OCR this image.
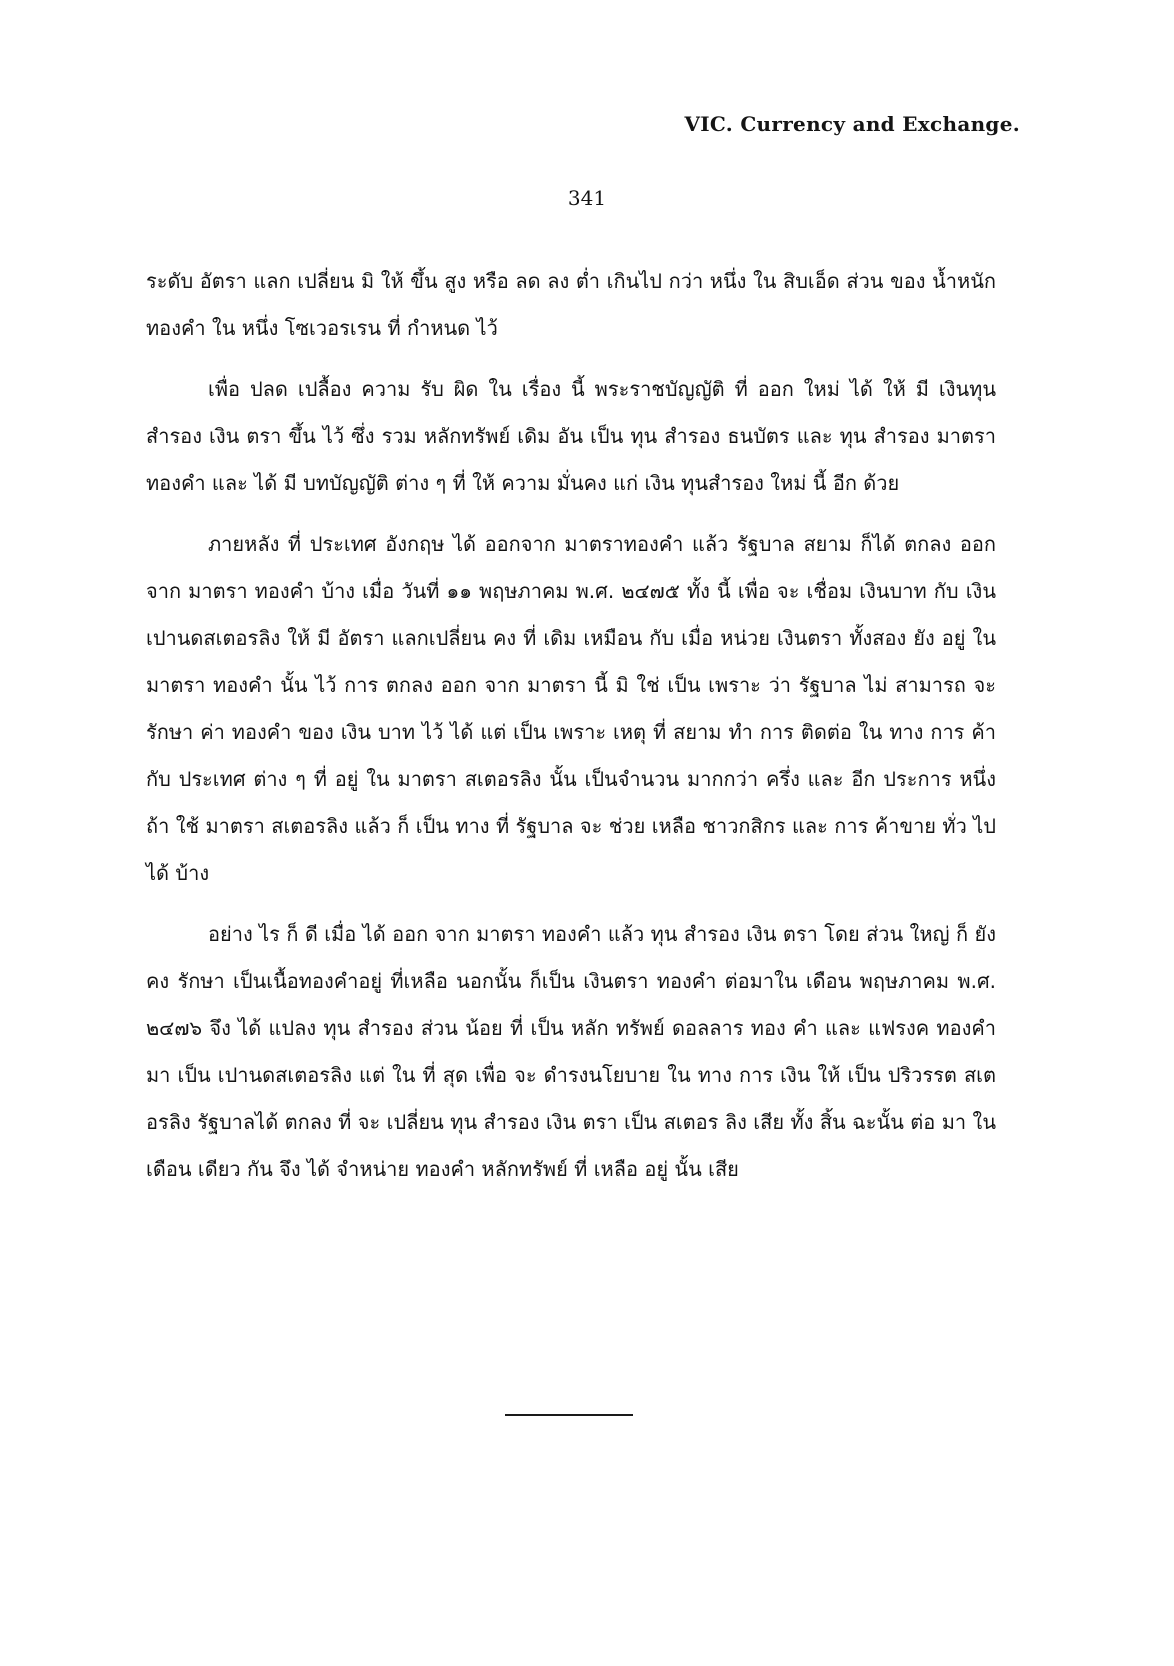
VIC. Currency and Exchange.
341

ระดับ อัตรา แลก เปลี่ยน มิ ให้ ขึ้น สูง หรือ ลด ลง ต่ำ เกินไป กว่า หนึ่ง ใน สิบเอ็ด ส่วน ของ น้ำหนัก ทองคำ ใน หนึ่ง โซเวอรเรน ที่ กำหนด ไว้

เพื่อ ปลด เปลื้อง ความ รับ ผิด ใน เรื่อง นี้ พระราชบัญญัติ ที่ ออก ใหม่ ได้ ให้ มี เงินทุน สำรอง เงิน ตรา ขึ้น ไว้ ซึ่ง รวม หลักทรัพย์ เดิม อัน เป็น ทุน สำรอง ธนบัตร และ ทุน สำรอง มาตรา ทองคำ และ ได้ มี บทบัญญัติ ต่าง ๆ ที่ ให้ ความ มั่นคง แก่ เงิน ทุนสำรอง ใหม่ นี้ อีก ด้วย

ภายหลัง ที่ ประเทศ อังกฤษ ได้ ออกจาก มาตราทองคำ แล้ว รัฐบาล สยาม ก็ได้ ตกลง ออก จาก มาตรา ทองคำ บ้าง เมื่อ วันที่ ๑๑ พฤษภาคม พ.ศ. ๒๔๗๕ ทั้ง นี้ เพื่อ จะ เชื่อม เงินบาท กับ เงิน เปานดสเตอรลิง ให้ มี อัตรา แลกเปลี่ยน คง ที่ เดิม เหมือน กับ เมื่อ หน่วย เงินตรา ทั้งสอง ยัง อยู่ ใน มาตรา ทองคำ นั้น ไว้ การ ตกลง ออก จาก มาตรา นี้ มิ ใช่ เป็น เพราะ ว่า รัฐบาล ไม่ สามารถ จะ รักษา ค่า ทองคำ ของ เงิน บาท ไว้ ได้ แต่ เป็น เพราะ เหตุ ที่ สยาม ทำ การ ติดต่อ ใน ทาง การ ค้า กับ ประเทศ ต่าง ๆ ที่ อยู่ ใน มาตรา สเตอรลิง นั้น เป็นจำนวน มากกว่า ครึ่ง และ อีก ประการ หนึ่ง ถ้า ใช้ มาตรา สเตอรลิง แล้ว ก็ เป็น ทาง ที่ รัฐบาล จะ ช่วย เหลือ ชาวกสิกร และ การ ค้าขาย ทั่ว ไป ได้ บ้าง

อย่าง ไร ก็ ดี เมื่อ ได้ ออก จาก มาตรา ทองคำ แล้ว ทุน สำรอง เงิน ตรา โดย ส่วน ใหญ่ ก็ ยัง คง รักษา เป็นเนื้อทองคำอยู่ ที่เหลือ นอกนั้น ก็เป็น เงินตรา ทองคำ ต่อมาใน เดือน พฤษภาคม พ.ศ. ๒๔๗๖ จึง ได้ แปลง ทุน สำรอง ส่วน น้อย ที่ เป็น หลัก ทรัพย์ ดอลลาร ทอง คำ และ แฟรงค ทองคำ มา เป็น เปานดสเตอรลิง แต่ ใน ที่ สุด เพื่อ จะ ดำรงนโยบาย ใน ทาง การ เงิน ให้ เป็น ปริวรรต สเตอรลิง รัฐบาลได้ ตกลง ที่ จะ เปลี่ยน ทุน สำรอง เงิน ตรา เป็น สเตอร ลิง เสีย ทั้ง สิ้น ฉะนั้น ต่อ มา ใน เดือน เดียว กัน จึง ได้ จำหน่าย ทองคำ หลักทรัพย์ ที่ เหลือ อยู่ นั้น เสีย
